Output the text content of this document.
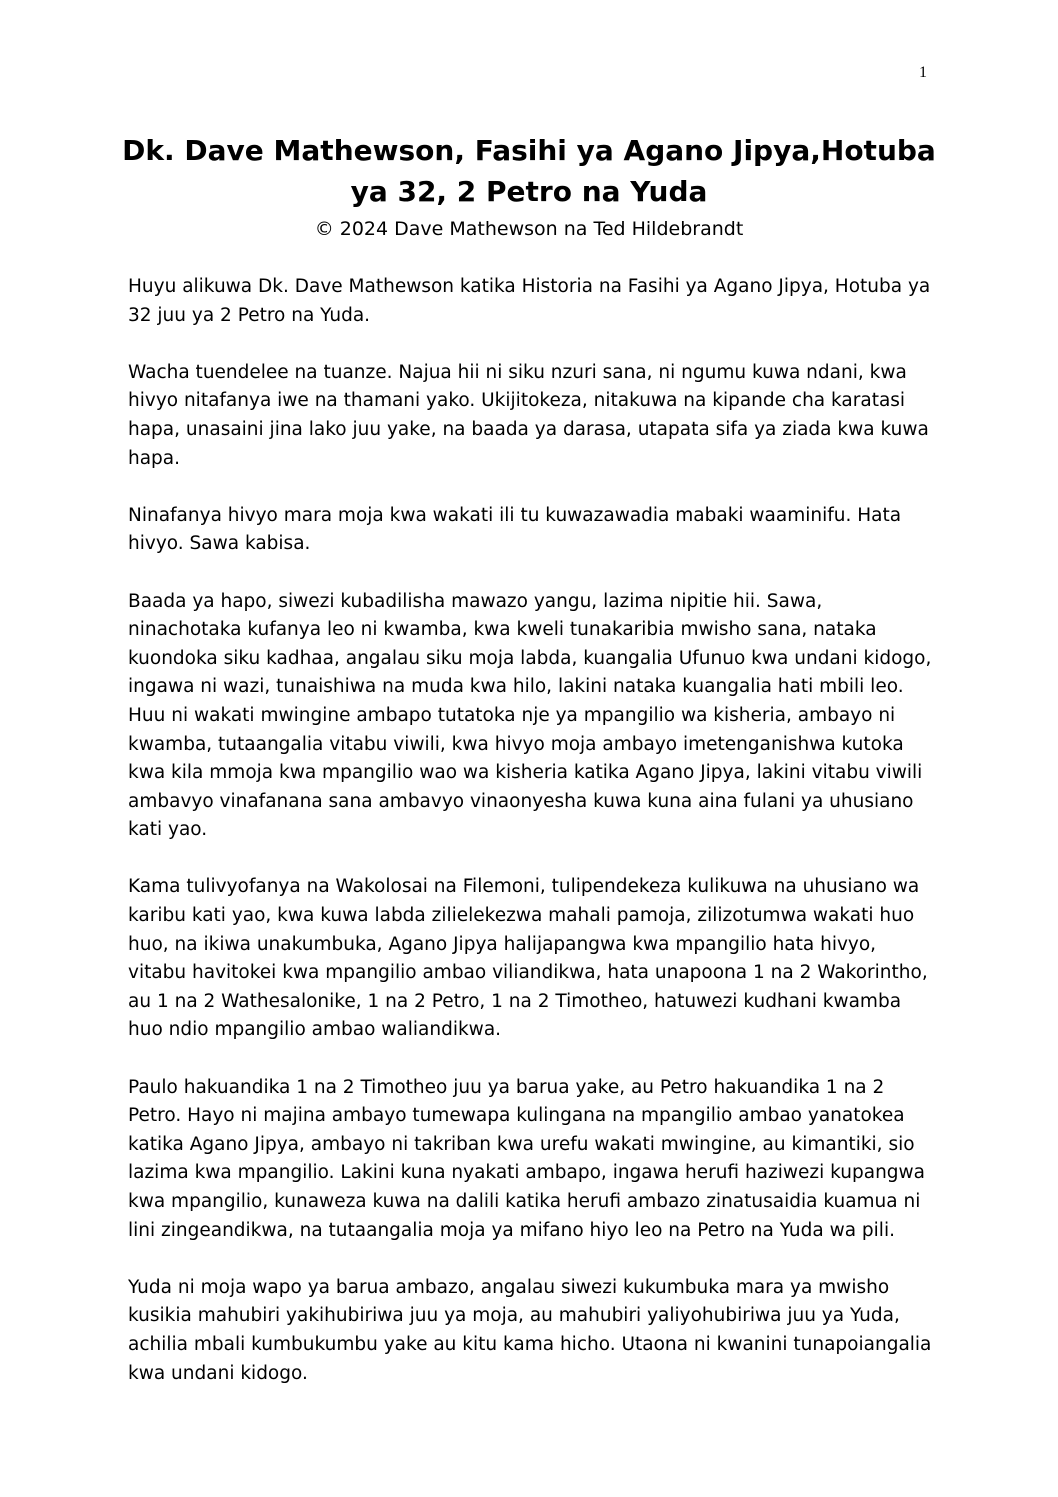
1
Dk. Dave Mathewson, Fasihi ya Agano Jipya,Hotuba
ya 32, 2 Petro na Yuda

© 2024 Dave Mathewson na Ted Hildebrandt

Huyu alikuwa Dk. Dave Mathewson katika Historia na Fasihi ya Agano Jipya, Hotuba ya 32 juu ya 2 Petro na Yuda.

Wacha tuendelee na tuanze. Najua hii ni siku nzuri sana, ni ngumu kuwa ndani, kwa hivyo nitafanya iwe na thamani yako. Ukijitokeza, nitakuwa na kipande cha karatasi hapa, unasaini jina lako juu yake, na baada ya darasa, utapata sifa ya ziada kwa kuwa hapa.

Ninafanya hivyo mara moja kwa wakati ili tu kuwazawadia mabaki waaminifu. Hata hivyo. Sawa kabisa.

Baada ya hapo, siwezi kubadilisha mawazo yangu, lazima nipitie hii. Sawa, ninachotaka kufanya leo ni kwamba, kwa kweli tunakaribia mwisho sana, nataka kuondoka siku kadhaa, angalau siku moja labda, kuangalia Ufunuo kwa undani kidogo, ingawa ni wazi, tunaishiwa na muda kwa hilo, lakini nataka kuangalia hati mbili leo. Huu ni wakati mwingine ambapo tutatoka nje ya mpangilio wa kisheria, ambayo ni kwamba, tutaangalia vitabu viwili, kwa hivyo moja ambayo imetenganishwa kutoka kwa kila mmoja kwa mpangilio wao wa kisheria katika Agano Jipya, lakini vitabu viwili ambavyo vinafanana sana ambavyo vinaonyesha kuwa kuna aina fulani ya uhusiano kati yao.

Kama tulivyofanya na Wakolosai na Filemoni, tulipendekeza kulikuwa na uhusiano wa karibu kati yao, kwa kuwa labda zilielekezwa mahali pamoja, zilizotumwa wakati huo huo, na ikiwa unakumbuka, Agano Jipya halijapangwa kwa mpangilio hata hivyo, vitabu havitokei kwa mpangilio ambao viliandikwa, hata unapoona 1 na 2 Wakorintho, au 1 na 2 Wathesalonike, 1 na 2 Petro, 1 na 2 Timotheo, hatuwezi kudhani kwamba huo ndio mpangilio ambao waliandikwa.

Paulo hakuandika 1 na 2 Timotheo juu ya barua yake, au Petro hakuandika 1 na 2 Petro. Hayo ni majina ambayo tumewapa kulingana na mpangilio ambao yanatokea katika Agano Jipya, ambayo ni takriban kwa urefu wakati mwingine, au kimantiki, sio lazima kwa mpangilio. Lakini kuna nyakati ambapo, ingawa herufi haziwezi kupangwa kwa mpangilio, kunaweza kuwa na dalili katika herufi ambazo zinatusaidia kuamua ni lini zingeandikwa, na tutaangalia moja ya mifano hiyo leo na Petro na Yuda wa pili.

Yuda ni moja wapo ya barua ambazo, angalau siwezi kukumbuka mara ya mwisho kusikia mahubiri yakihubiriwa juu ya moja, au mahubiri yaliyohubiriwa juu ya Yuda, achilia mbali kumbukumbu yake au kitu kama hicho. Utaona ni kwanini tunapoiangalia kwa undani kidogo.
